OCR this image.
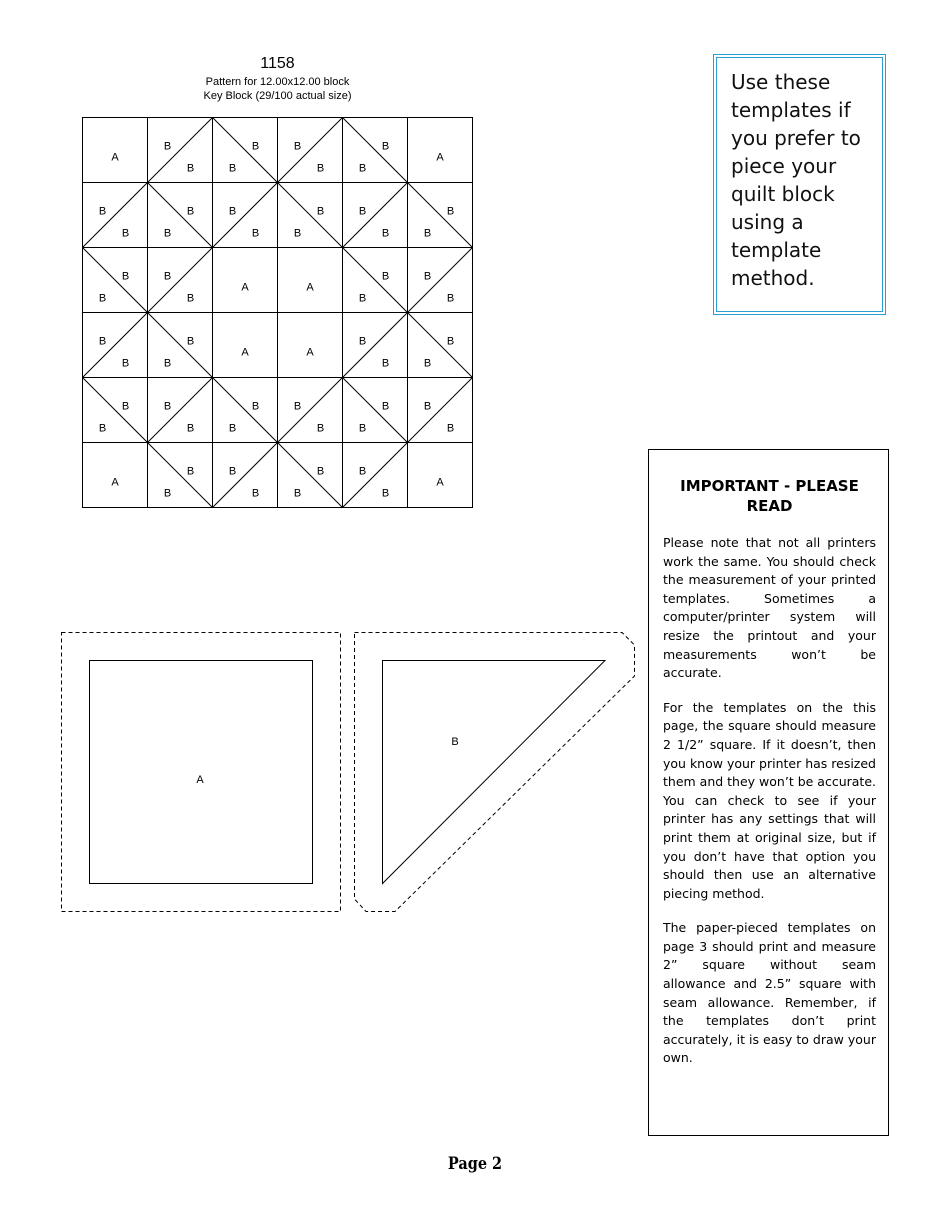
1158
Pattern for 12.00x12.00 block
Key Block (29/100 actual size)
A
B
B
B
B
B
B
B
B
A
B
B
B
B
B
B
B
B
B
B
B
B
B
B
B
B
A	A
B
B
B
B
B
B
B
B
A	A
B
B
B
B
B
B
B
B
B
B
B
B
B
B
B
B
A
B
B
B
B
B
B
B
B
A
A
B
Use these templates if you prefer to piece your quilt block using a template method.
IMPORTANT - PLEASE READ

Please note that not all printers work the same. You should check the measurement of your printed templates. Sometimes a computer/printer system will resize the printout and your measurements won’t be accurate.

For the templates on the this page, the square should measure 2 1/2” square. If it doesn’t, then you know your printer has resized them and they won’t be accurate. You can check to see if your printer has any settings that will print them at original size, but if you don’t have that option you should then use an alternative piecing method.

The paper-pieced templates on page 3 should print and measure 2” square without seam allowance and 2.5” square with seam allowance. Remember, if the templates don’t print accurately, it is easy to draw your own.

Page 2
